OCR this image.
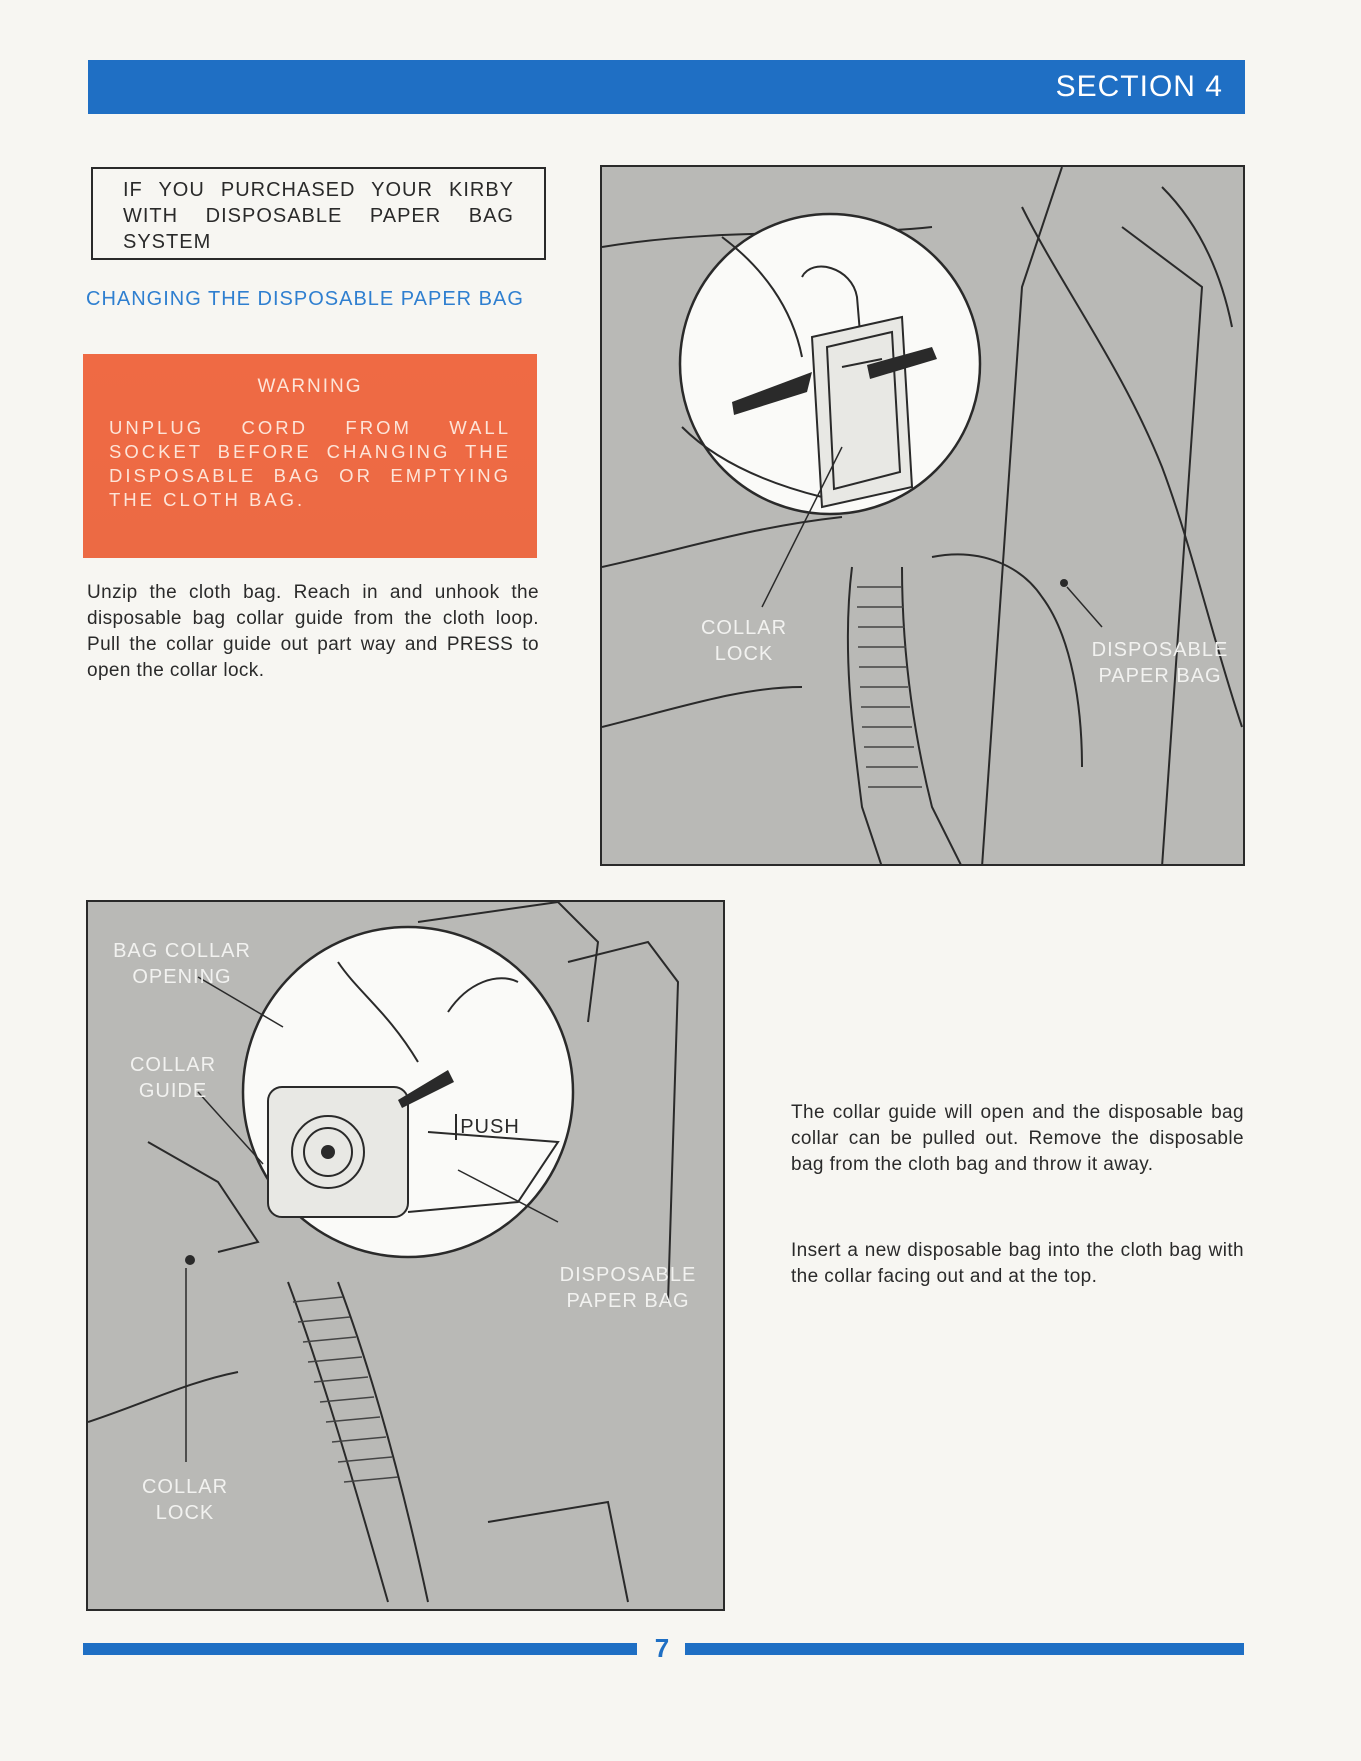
SECTION 4
IF YOU PURCHASED YOUR KIRBY WITH DISPOSABLE PAPER BAG SYSTEM
CHANGING THE DISPOSABLE PAPER BAG
WARNING
UNPLUG CORD FROM WALL SOCKET BEFORE CHANGING THE DISPOSABLE BAG OR EMPTYING THE CLOTH BAG.
Unzip the cloth bag. Reach in and unhook the disposable bag collar guide from the cloth loop. Pull the collar guide out part way and PRESS to open the collar lock.
COLLAR
LOCK	DISPOSABLE
PAPER BAG
BAG COLLAR
OPENING
COLLAR
GUIDE
PUSH
DISPOSABLE
PAPER BAG
COLLAR
LOCK
The collar guide will open and the disposable bag collar can be pulled out. Remove the disposable bag from the cloth bag and throw it away.
Insert a new disposable bag into the cloth bag with the collar facing out and at the top.
7
